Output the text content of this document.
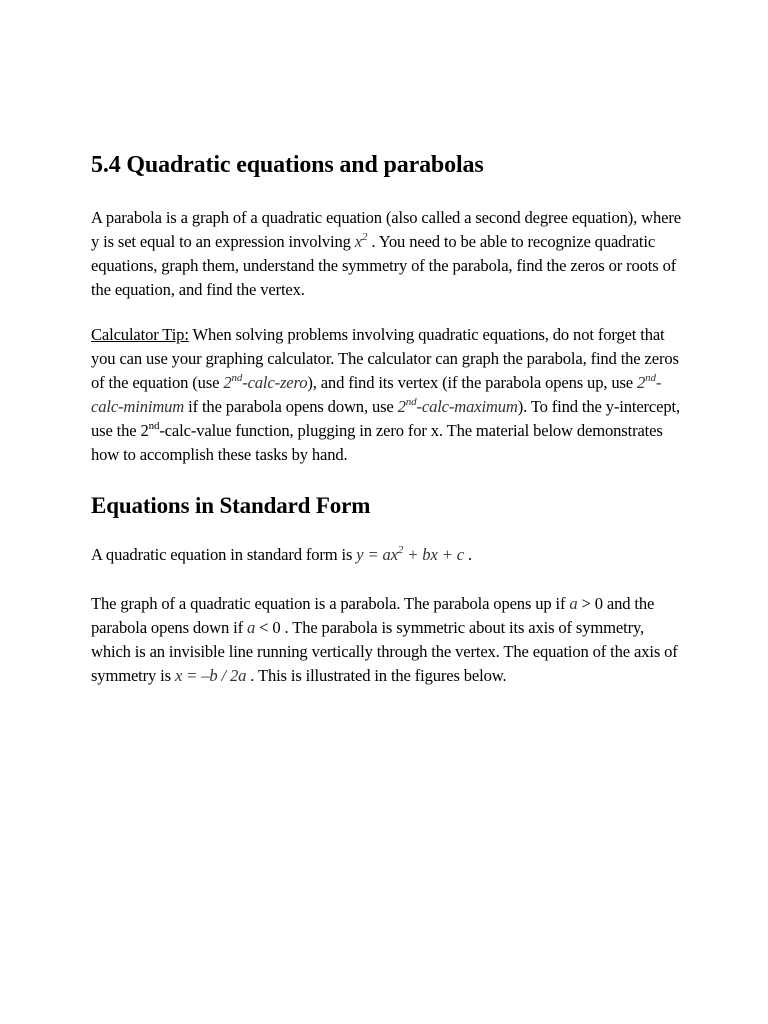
5.4 Quadratic equations and parabolas

A parabola is a graph of a quadratic equation (also called a second degree equation), where y is set equal to an expression involving $x^2$ . You need to be able to recognize quadratic equations, graph them, understand the symmetry of the parabola, find the zeros or roots of the equation, and find the vertex.

Calculator Tip: When solving problems involving quadratic equations, do not forget that you can use your graphing calculator. The calculator can graph the parabola, find the zeros of the equation (use 2nd-calc-zero), and find its vertex (if the parabola opens up, use 2nd-calc-minimum if the parabola opens down, use 2nd-calc-maximum). To find the y-intercept, use the 2nd-calc-value function, plugging in zero for x. The material below demonstrates how to accomplish these tasks by hand.

Equations in Standard Form

A quadratic equation in standard form is $y = ax^2$ + bx + c .

The graph of a quadratic equation is a parabola. The parabola opens up if a > 0 and the parabola opens down if a < 0 . The parabola is symmetric about its axis of symmetry, which is an invisible line running vertically through the vertex. The equation of the axis of symmetry is x = –b / 2a . This is illustrated in the figures below.
